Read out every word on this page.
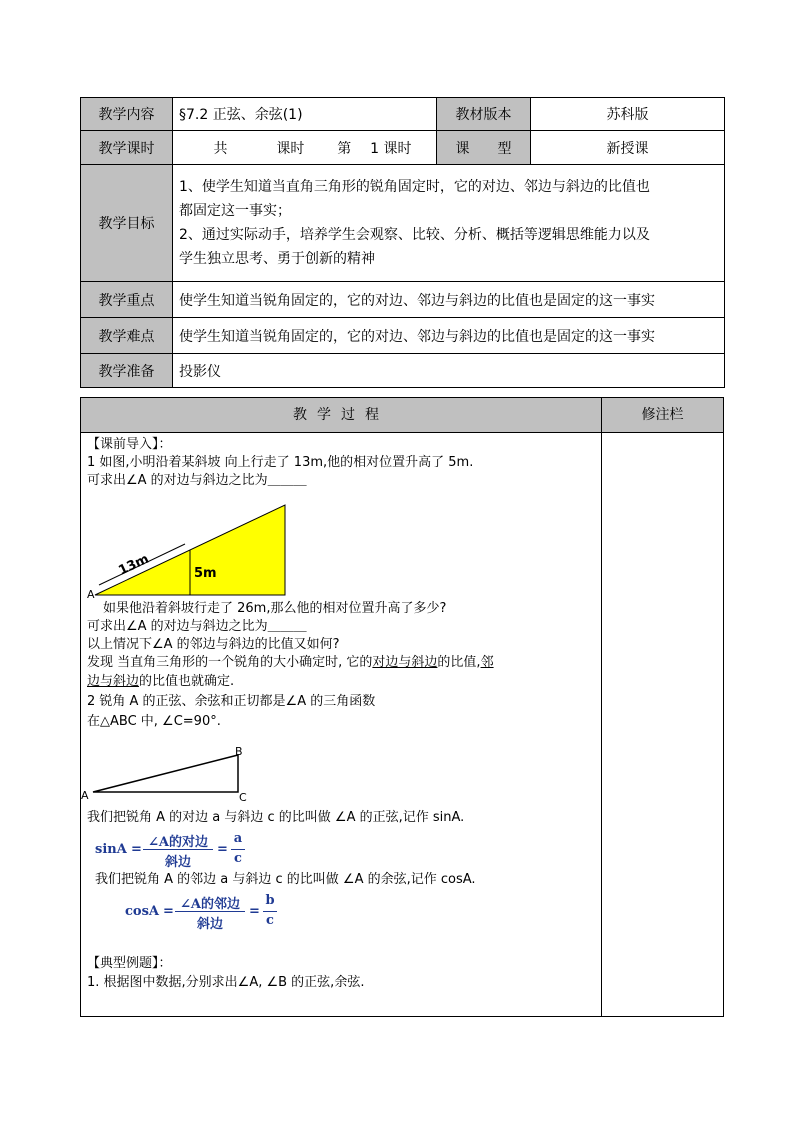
教学内容	§7.2 正弦、余弦(1)	教材版本	苏科版
教学课时	共 课时 第 1 课时	课　　型	新授课
教学目标	1、使学生知道当直角三角形的锐角固定时，它的对边、邻边与斜边的比值也
都固定这一事实；
2、通过实际动手，培养学生会观察、比较、分析、概括等逻辑思维能力以及
学生独立思考、勇于创新的精神		

教学重点	使学生知道当锐角固定的，它的对边、邻边与斜边的比值也是固定的这一事实		
教学难点	使学生知道当锐角固定的，它的对边、邻边与斜边的比值也是固定的这一事实		
教学准备	投影仪		
教学过程	修注栏
【课前导入】：
1 如图,小明沿着某斜坡 向上行走了 13m,他的相对位置升高了 5m.
可求出∠A 的对边与斜边之比为＿＿＿
13m	5m
A
如果他沿着斜坡行走了 26m,那么他的相对位置升高了多少?
可求出∠A 的对边与斜边之比为＿＿＿
以上情况下∠A 的邻边与斜边的比值又如何?
发现 当直角三角形的一个锐角的大小确定时, 它的对边与斜边的比值,邻
边与斜边的比值也就确定.
2 锐角 A 的正弦、余弦和正切都是∠A 的三角函数
在△ABC 中, ∠C=90°.
A
B
C
我们把锐角 A 的对边 a 与斜边 c 的比叫做 ∠A 的正弦,记作 sinA.
sinA = ∠A的对边
斜边
=
a
c
我们把锐角 A 的邻边 a 与斜边 c 的比叫做 ∠A 的余弦,记作 cosA.
cosA = ∠A的邻边
斜边
=
b
c
【典型例题】：
1. 根据图中数据,分别求出∠A, ∠B 的正弦,余弦.
